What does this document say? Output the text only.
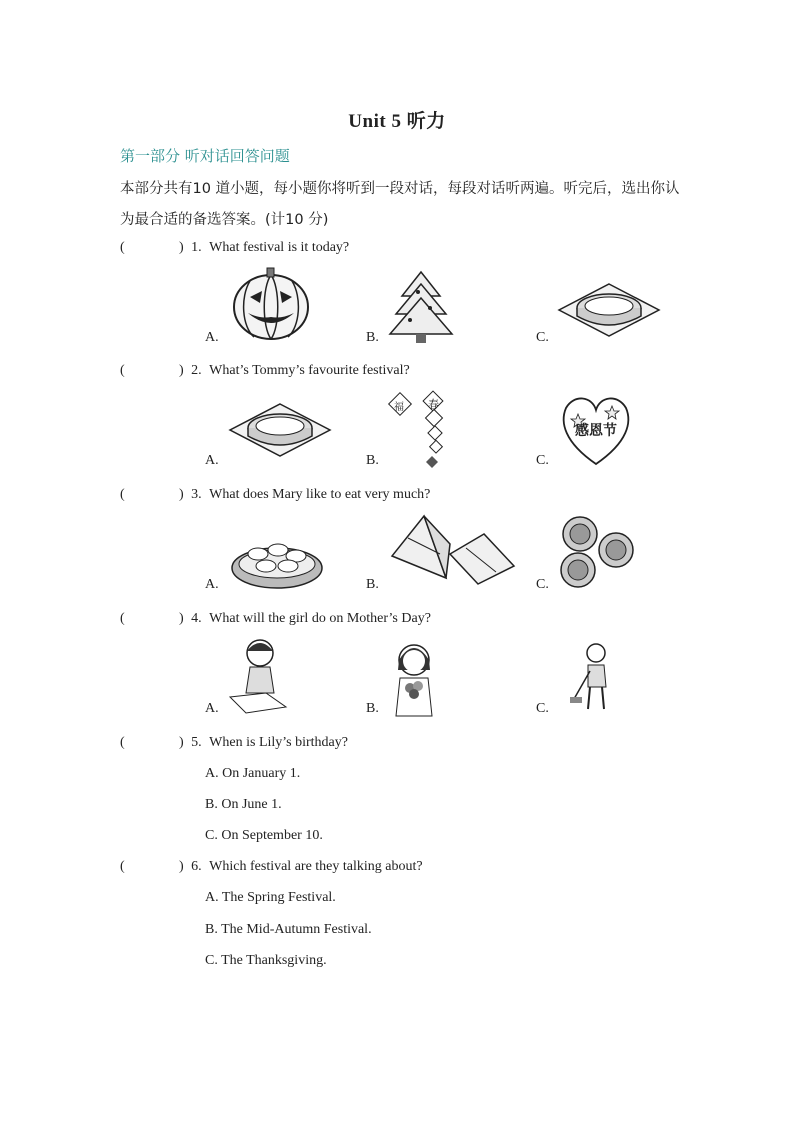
Unit 5 听力
第一部分 听对话回答问题
本部分共有10 道小题，每小题你将听到一段对话，每段对话听两遍。听完后，选出你认为最合适的备选答案。(计10 分)
(	) 1. What festival is it today?
A.	B.	C.
(	) 2. What’s Tommy’s favourite festival?
A.	B.
春
福
C.
感恩节
(	) 3. What does Mary like to eat very much?
A.	B.	C.
(	) 4. What will the girl do on Mother’s Day?
A.	B.	C.
(	) 5. When is Lily’s birthday?
A. On January 1.
B. On June 1.
C. On September 10.
(	) 6. Which festival are they talking about?
A. The Spring Festival.
B. The Mid-Autumn Festival.
C. The Thanksgiving.
